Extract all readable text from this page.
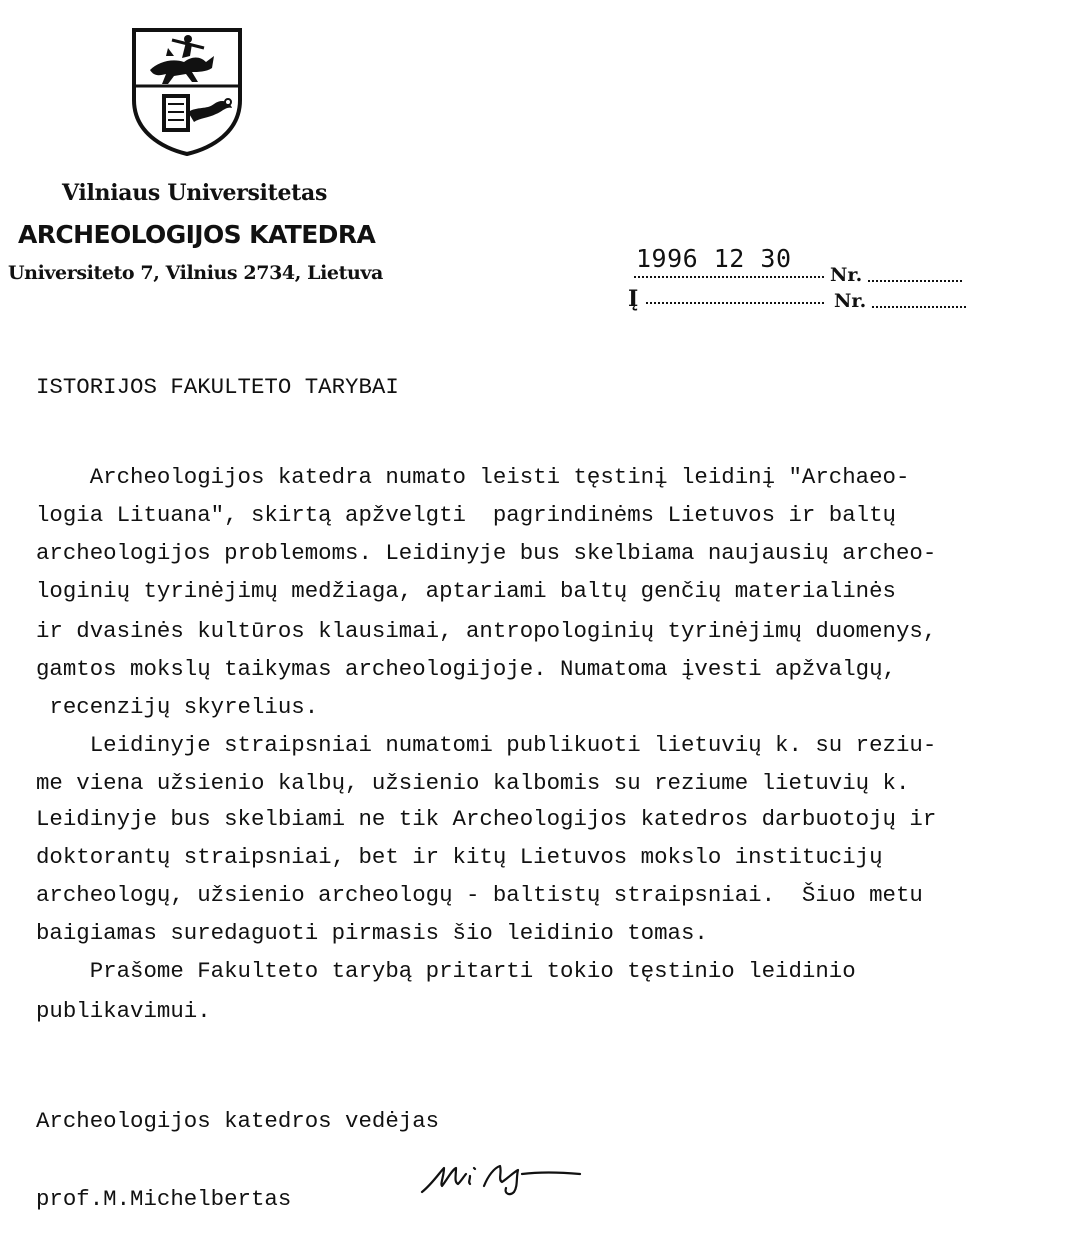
Vilniaus Universitetas
ARCHEOLOGIJOS KATEDRA
Universiteto 7, Vilnius 2734, Lietuva	1996 12 30
Nr.
Į	Nr.
ISTORIJOS FAKULTETO TARYBAI
Archeologijos katedra numato leisti tęstinį leidinį "Archaeo-
logia Lituana", skirtą apžvelgti  pagrindinėms Lietuvos ir baltų
archeologijos problemoms. Leidinyje bus skelbiama naujausių archeo-
loginių tyrinėjimų medžiaga, aptariami baltų genčių materialinės
ir dvasinės kultūros klausimai, antropologinių tyrinėjimų duomenys,
gamtos mokslų taikymas archeologijoje. Numatoma įvesti apžvalgų,
recenzijų skyrelius.
Leidinyje straipsniai numatomi publikuoti lietuvių k. su reziu-
me viena užsienio kalbų, užsienio kalbomis su reziume lietuvių k.
Leidinyje bus skelbiami ne tik Archeologijos katedros darbuotojų ir
doktorantų straipsniai, bet ir kitų Lietuvos mokslo institucijų
archeologų, užsienio archeologų - baltistų straipsniai.  Šiuo metu
baigiamas suredaguoti pirmasis šio leidinio tomas.
Prašome Fakulteto tarybą pritarti tokio tęstinio leidinio
publikavimui.
Archeologijos katedros vedėjas
prof.M.Michelbertas
